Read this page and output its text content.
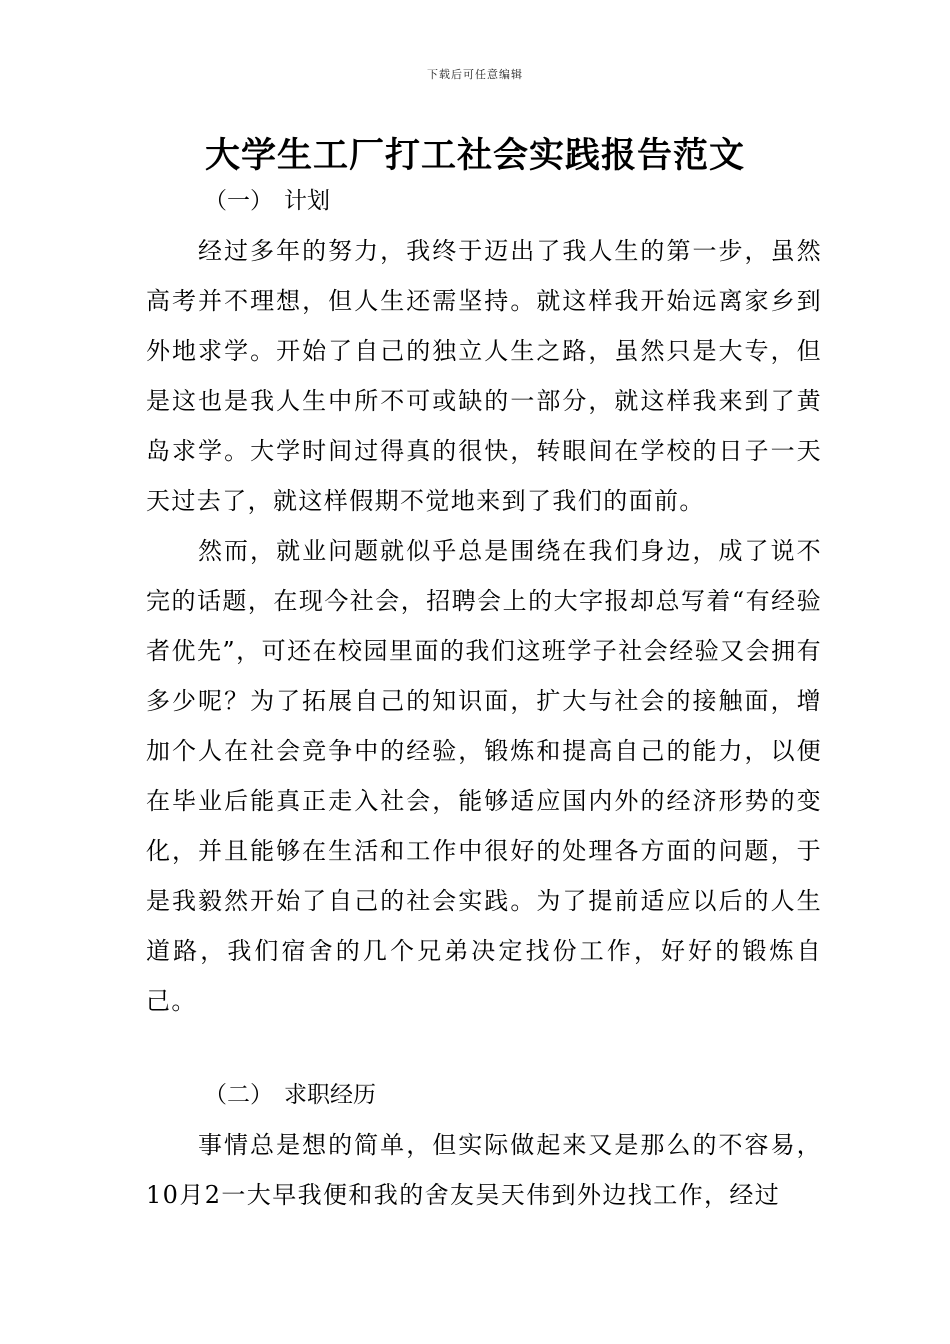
下载后可任意编辑
大学生工厂打工社会实践报告范文
（一） 计划

经过多年的努力，我终于迈出了我人生的第一步，虽然高考并不理想，但人生还需坚持。就这样我开始远离家乡到外地求学。开始了自己的独立人生之路，虽然只是大专，但是这也是我人生中所不可或缺的一部分，就这样我来到了黄岛求学。大学时间过得真的很快，转眼间在学校的日子一天天过去了，就这样假期不觉地来到了我们的面前。

然而，就业问题就似乎总是围绕在我们身边，成了说不完的话题，在现今社会，招聘会上的大字报却总写着“有经验者优先”，可还在校园里面的我们这班学子社会经验又会拥有多少呢？为了拓展自己的知识面，扩大与社会的接触面，增加个人在社会竞争中的经验，锻炼和提高自己的能力，以便在毕业后能真正走入社会，能够适应国内外的经济形势的变化，并且能够在生活和工作中很好的处理各方面的问题，于是我毅然开始了自己的社会实践。为了提前适应以后的人生道路，我们宿舍的几个兄弟决定找份工作，好好的锻炼自己。

（二） 求职经历

事情总是想的简单，但实际做起来又是那么的不容易，10月2一大早我便和我的舍友吴天伟到外边找工作，经过
